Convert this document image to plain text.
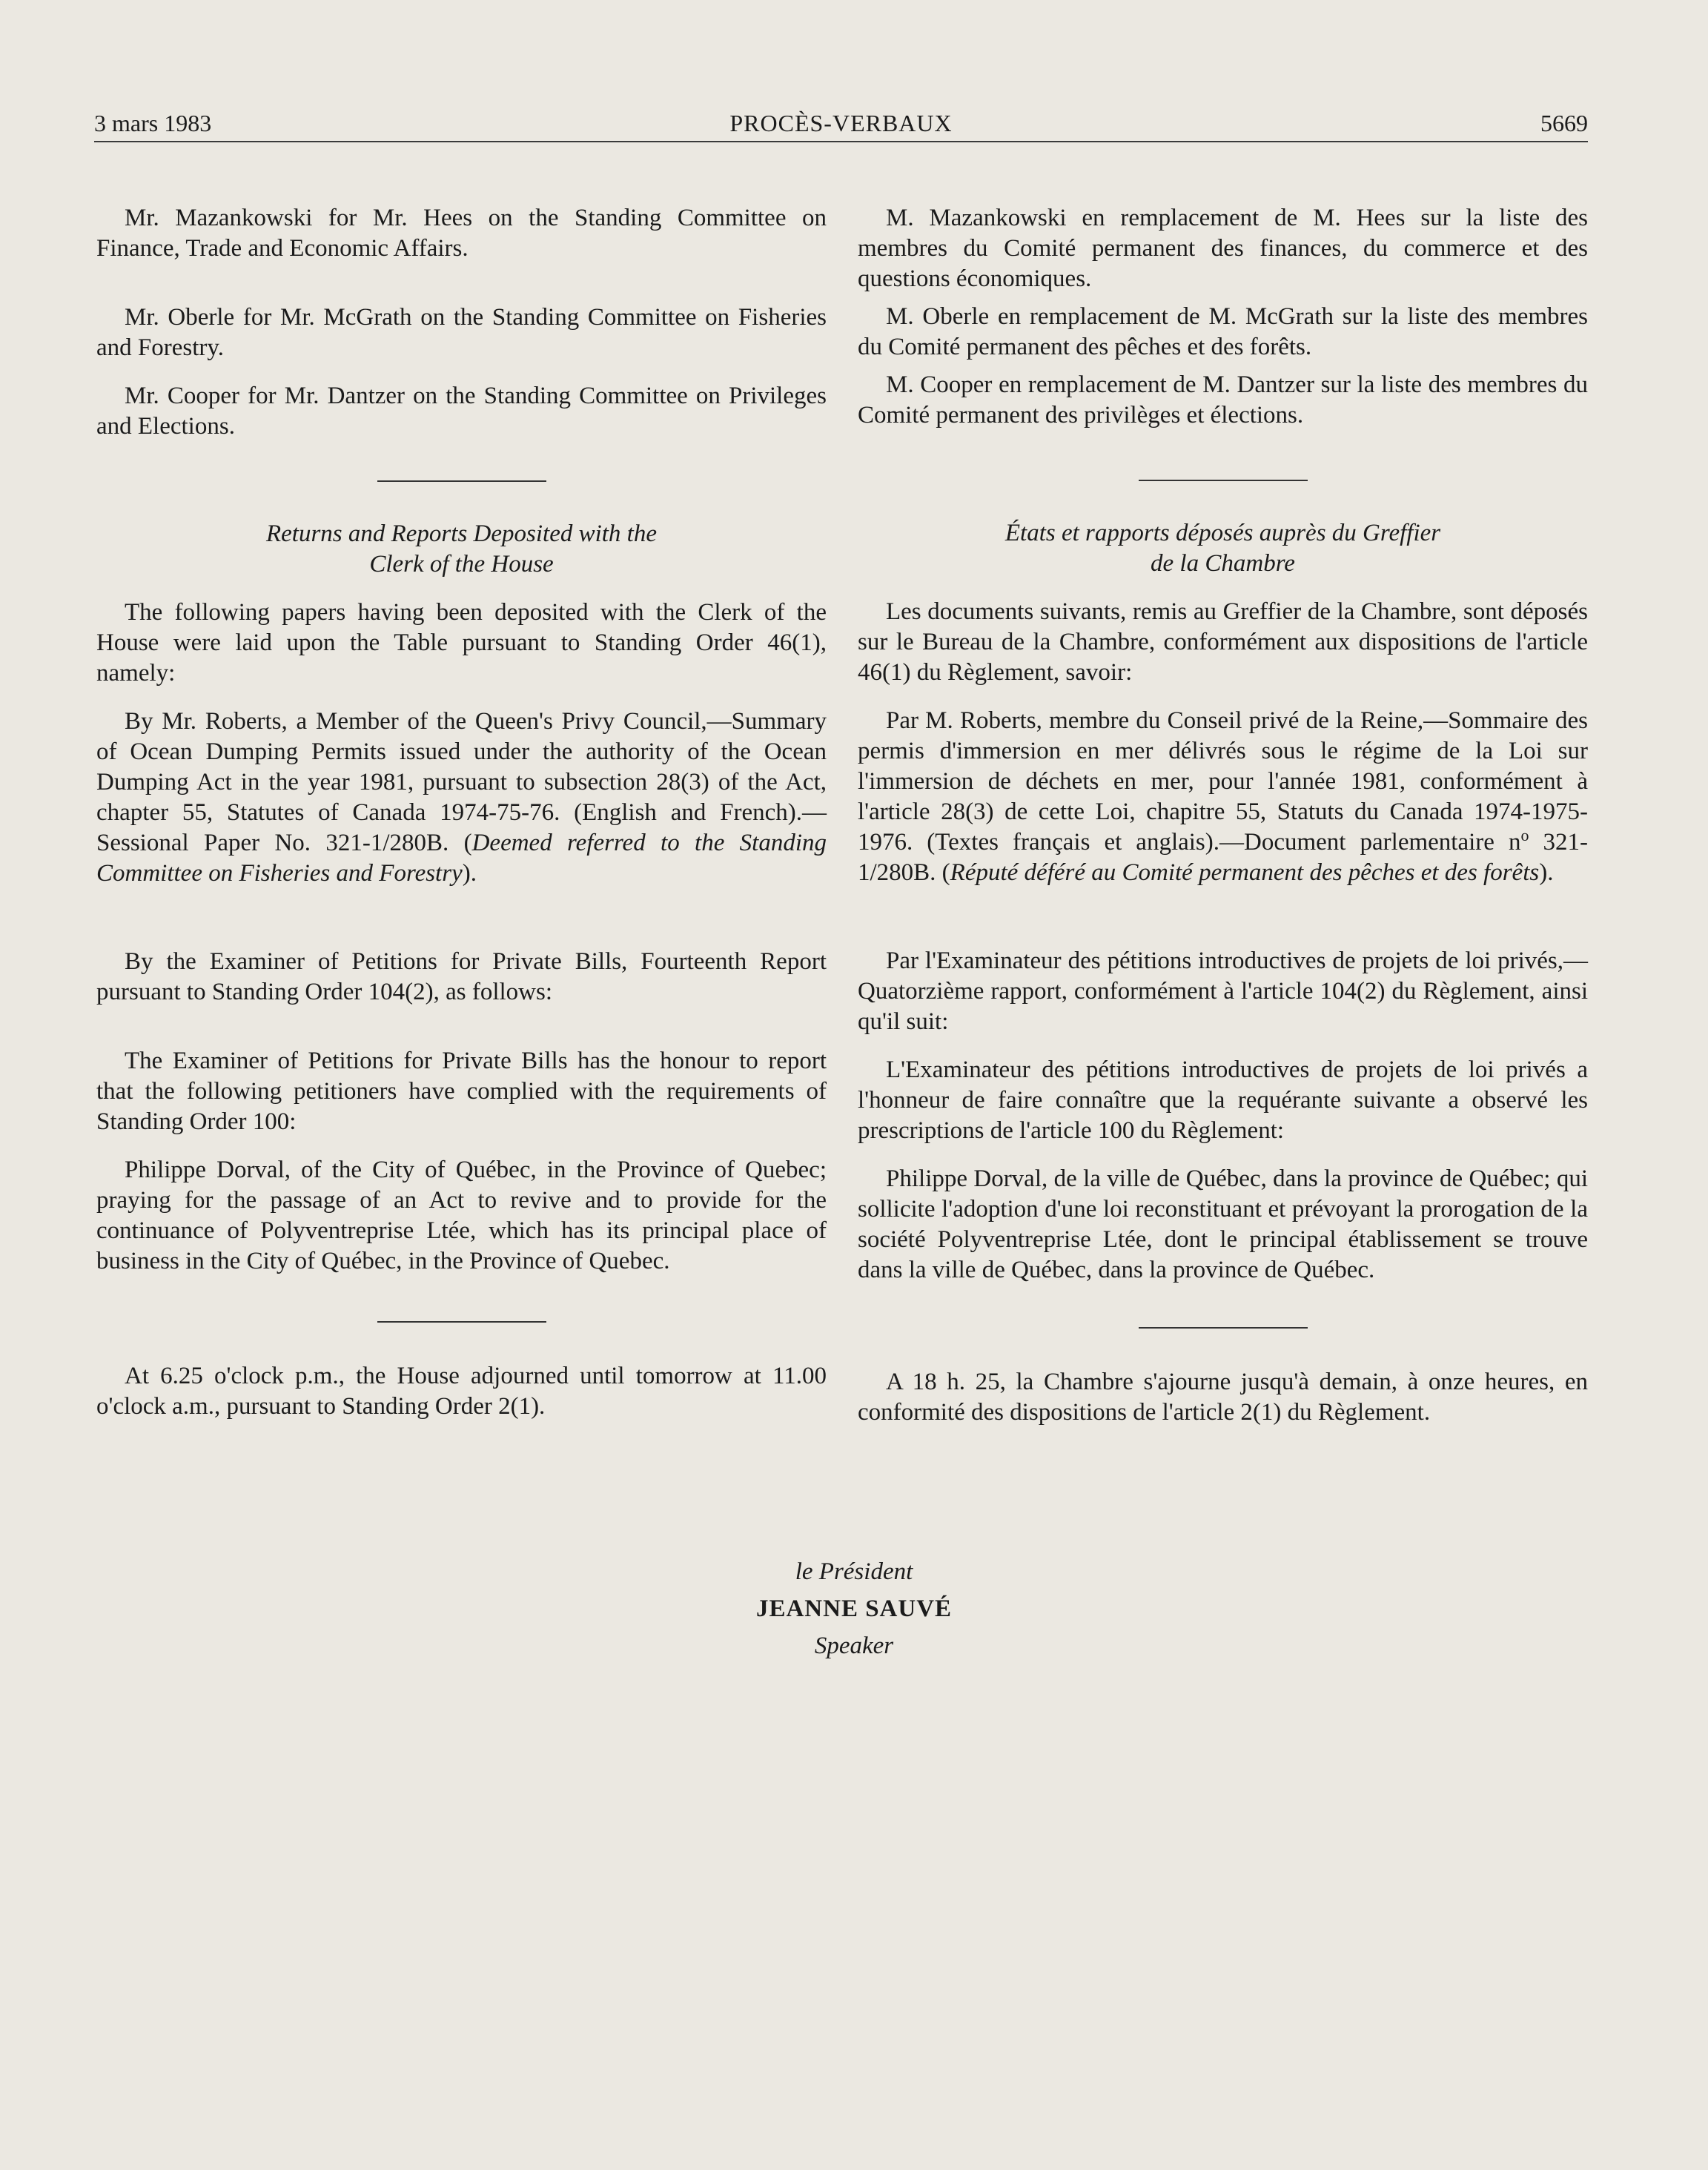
3 mars 1983	PROCÈS-VERBAUX	5669

Mr. Mazankowski for Mr. Hees on the Standing Committee on Finance, Trade and Economic Affairs.

Mr. Oberle for Mr. McGrath on the Standing Committee on Fisheries and Forestry.

Mr. Cooper for Mr. Dantzer on the Standing Committee on Privileges and Elections.

Returns and Reports Deposited with the
Clerk of the House

The following papers having been deposited with the Clerk of the House were laid upon the Table pursuant to Standing Order 46(1), namely:

By Mr. Roberts, a Member of the Queen's Privy Council,—Summary of Ocean Dumping Permits issued under the authority of the Ocean Dumping Act in the year 1981, pursuant to subsection 28(3) of the Act, chapter 55, Statutes of Canada 1974-75-76. (English and French).—Sessional Paper No. 321-1/280B. (Deemed referred to the Standing Committee on Fisheries and Forestry).

By the Examiner of Petitions for Private Bills, Fourteenth Report pursuant to Standing Order 104(2), as follows:

The Examiner of Petitions for Private Bills has the honour to report that the following petitioners have complied with the requirements of Standing Order 100:

Philippe Dorval, of the City of Québec, in the Province of Quebec; praying for the passage of an Act to revive and to provide for the continuance of Polyventreprise Ltée, which has its principal place of business in the City of Québec, in the Province of Quebec.

At 6.25 o'clock p.m., the House adjourned until tomorrow at 11.00 o'clock a.m., pursuant to Standing Order 2(1).

M. Mazankowski en remplacement de M. Hees sur la liste des membres du Comité permanent des finances, du commerce et des questions économiques.

M. Oberle en remplacement de M. McGrath sur la liste des membres du Comité permanent des pêches et des forêts.

M. Cooper en remplacement de M. Dantzer sur la liste des membres du Comité permanent des privilèges et élections.

États et rapports déposés auprès du Greffier
de la Chambre

Les documents suivants, remis au Greffier de la Chambre, sont déposés sur le Bureau de la Chambre, conformément aux dispositions de l'article 46(1) du Règlement, savoir:

Par M. Roberts, membre du Conseil privé de la Reine,—Sommaire des permis d'immersion en mer délivrés sous le régime de la Loi sur l'immersion de déchets en mer, pour l'année 1981, conformément à l'article 28(3) de cette Loi, chapitre 55, Statuts du Canada 1974-1975-1976. (Textes français et anglais).—Document parlementaire $n^o$ 321-1/280B. (Réputé déféré au Comité permanent des pêches et des forêts).

Par l'Examinateur des pétitions introductives de projets de loi privés,—Quatorzième rapport, conformément à l'article 104(2) du Règlement, ainsi qu'il suit:

L'Examinateur des pétitions introductives de projets de loi privés a l'honneur de faire connaître que la requérante suivante a observé les prescriptions de l'article 100 du Règlement:

Philippe Dorval, de la ville de Québec, dans la province de Québec; qui sollicite l'adoption d'une loi reconstituant et prévoyant la prorogation de la société Polyventreprise Ltée, dont le principal établissement se trouve dans la ville de Québec, dans la province de Québec.

A 18 h. 25, la Chambre s'ajourne jusqu'à demain, à onze heures, en conformité des dispositions de l'article 2(1) du Règlement.

le Président
JEANNE SAUVÉ
Speaker
